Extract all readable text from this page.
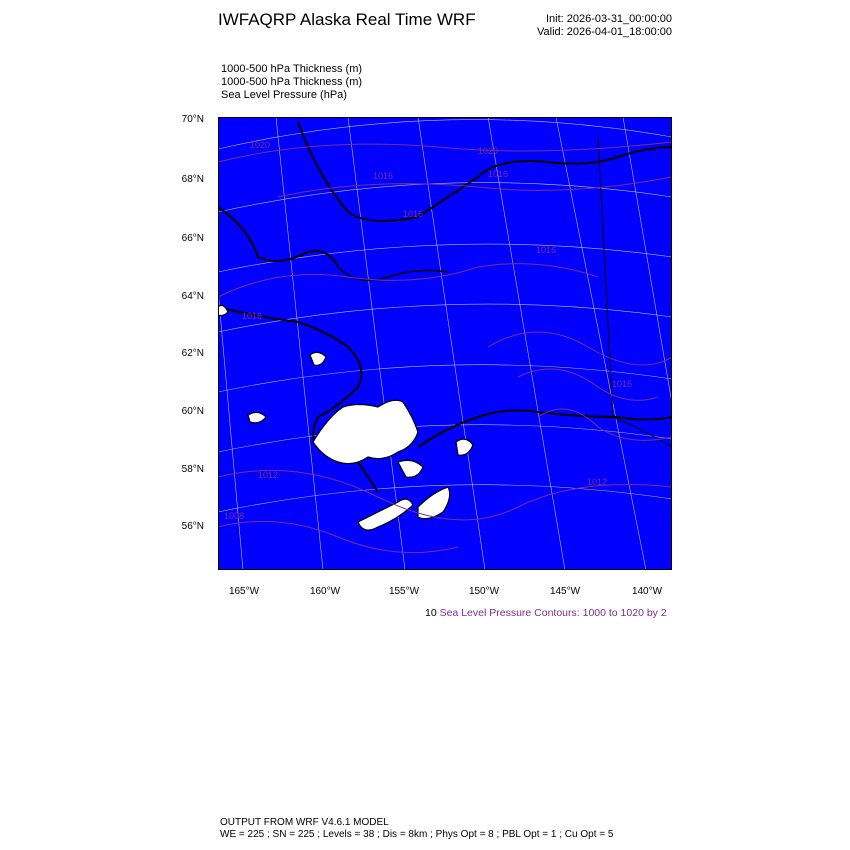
IWFAQRP Alaska Real Time WRF	Init: 2026-03-31_00:00:00
Valid: 2026-04-01_18:00:00
1000-500 hPa Thickness (m)
1000-500 hPa Thickness (m)
Sea Level Pressure (hPa)
70°N
68°N
66°N
64°N
62°N
60°N
58°N
56°N
165°W	160°W	155°W	150°W	145°W	140°W
1020
1020
1016	1016
1016
1016
1016
1016
1012
1012
1008
10 Sea Level Pressure Contours: 1000 to 1020 by 2
OUTPUT FROM WRF V4.6.1 MODEL
WE = 225 ; SN = 225 ; Levels = 38 ; Dis = 8km ; Phys Opt = 8 ; PBL Opt = 1 ; Cu Opt = 5
